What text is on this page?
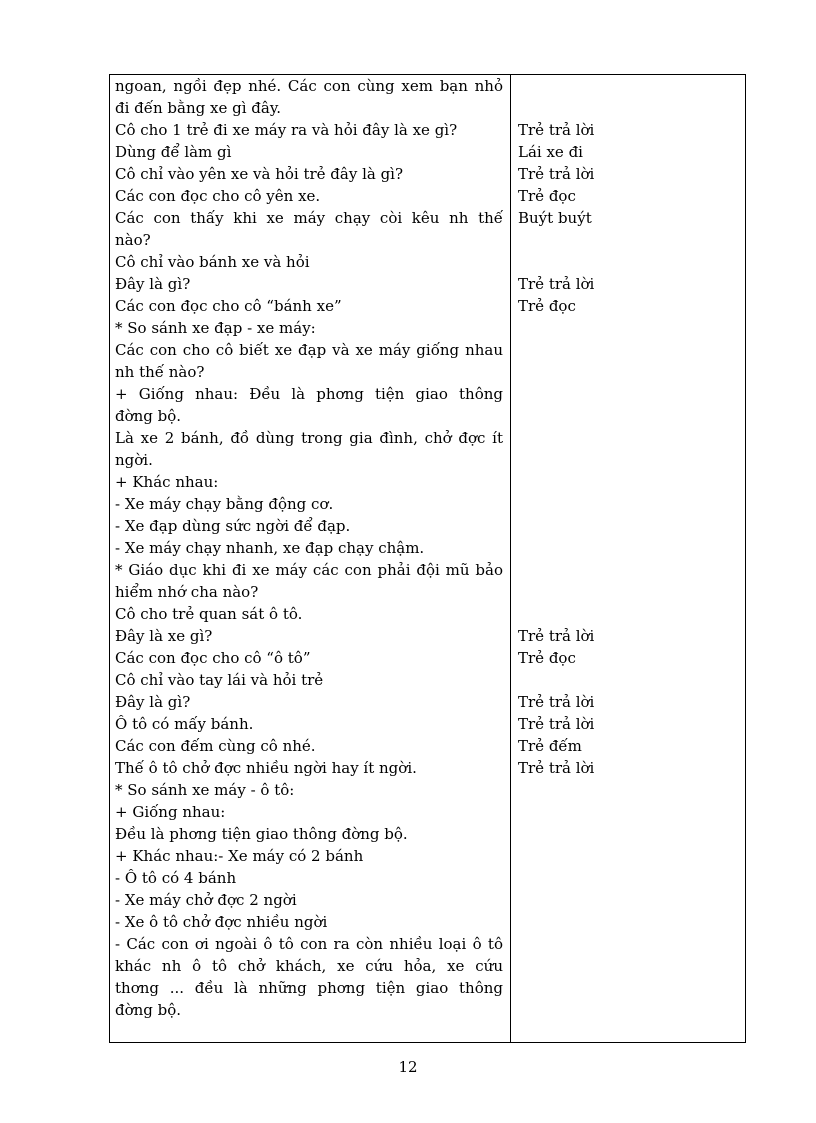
ngoan, ngồi đẹp nhé. Các con cùng xem bạn nhỏ
đi đến bằng xe gì đây.
Cô cho 1 trẻ đi xe máy ra và hỏi đây là xe gì?
Dùng để làm gì
Cô chỉ vào yên xe và hỏi trẻ đây là gì?
Các con đọc cho cô yên xe.
Các con thấy khi xe máy chạy còi kêu nh thế
nào?
Cô chỉ vào bánh xe và hỏi
Đây là gì?
Các con đọc cho cô “bánh xe”
* So sánh xe đạp - xe máy:
Các con cho cô biết xe đạp và xe máy giống nhau
nh thế nào?
+ Giống nhau: Đều là phơng tiện giao thông
đờng bộ.
Là xe 2 bánh, đồ dùng trong gia đình, chở đợc ít
ngời.
+ Khác nhau:
- Xe máy chạy bằng động cơ.
- Xe đạp dùng sức ngời để đạp.
- Xe máy chạy nhanh, xe đạp chạy chậm.
* Giáo dục khi đi xe máy các con phải đội mũ bảo
hiểm nhớ cha nào?
Cô cho trẻ quan sát ô tô.
Đây là xe gì?
Các con đọc cho cô “ô tô”
Cô chỉ vào tay lái và hỏi trẻ
Đây là gì?
Ô tô có mấy bánh.
Các con đếm cùng cô nhé.
Thế ô tô chở đợc nhiều ngời hay ít ngời.
* So sánh xe máy - ô tô:
+ Giống nhau:
Đều là phơng tiện giao thông đờng bộ.
+ Khác nhau:- Xe máy có 2 bánh
- Ô tô có 4 bánh
- Xe máy chở đợc 2 ngời
- Xe ô tô chở đợc nhiều ngời
- Các con ơi ngoài ô tô con ra còn nhiều loại ô tô
khác nh ô tô chở khách, xe cứu hỏa, xe cứu
thơng ... đều là những phơng tiện giao thông
đờng bộ.
Trẻ trả lời
Lái xe đi
Trẻ trả lời
Trẻ đọc
Buýt buýt
Trẻ trả lời
Trẻ đọc
Trẻ trả lời
Trẻ đọc
Trẻ trả lời
Trẻ trả lời
Trẻ đếm
Trẻ trả lời
12
